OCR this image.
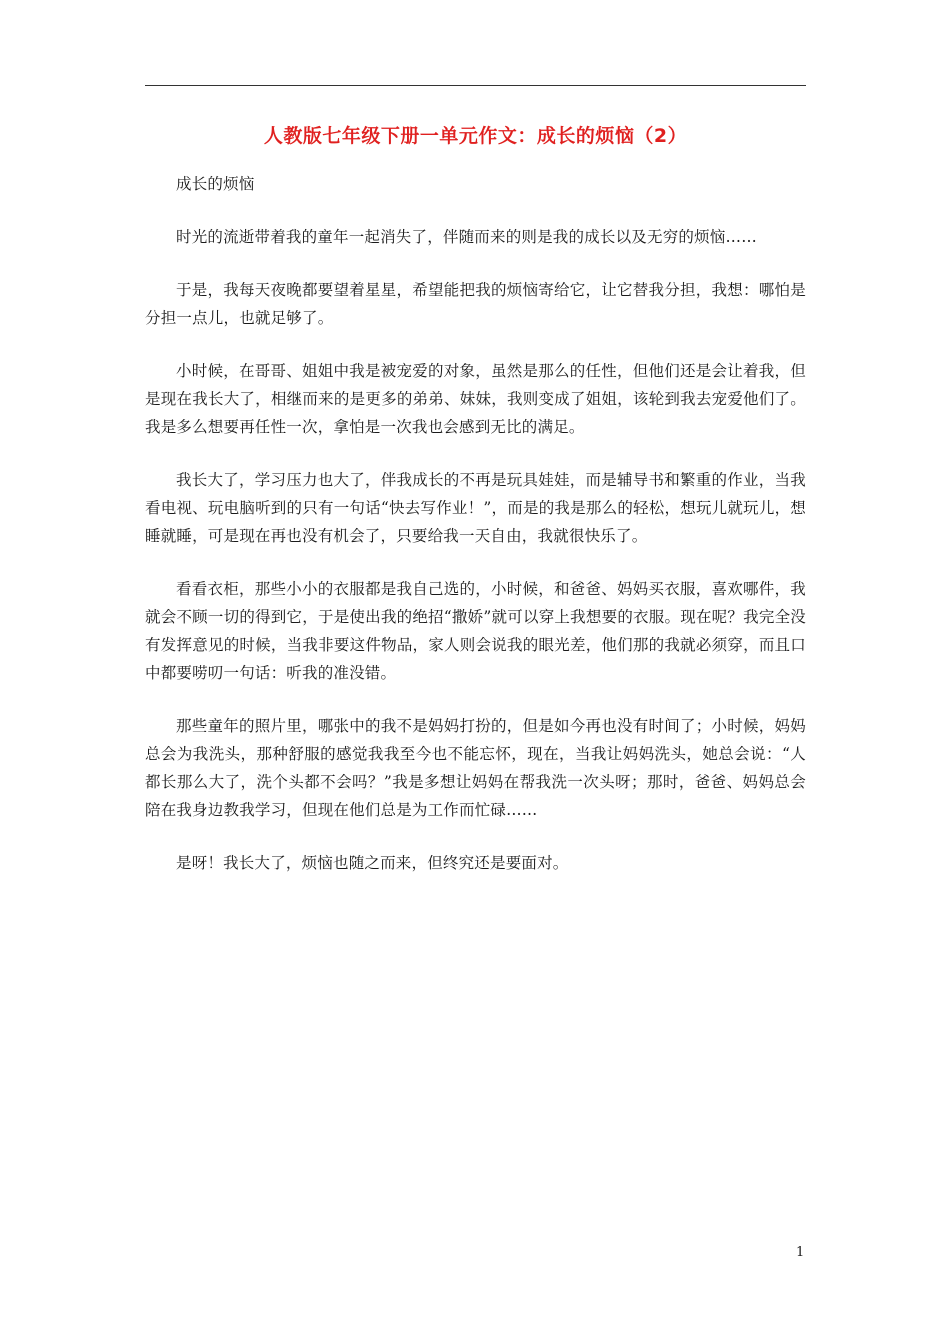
人教版七年级下册一单元作文：成长的烦恼（2）

成长的烦恼

时光的流逝带着我的童年一起消失了，伴随而来的则是我的成长以及无穷的烦恼……

于是，我每天夜晚都要望着星星，希望能把我的烦恼寄给它，让它替我分担，我想：哪怕是分担一点儿，也就足够了。

小时候，在哥哥、姐姐中我是被宠爱的对象，虽然是那么的任性，但他们还是会让着我，但是现在我长大了，相继而来的是更多的弟弟、妹妹，我则变成了姐姐，该轮到我去宠爱他们了。我是多么想要再任性一次，拿怕是一次我也会感到无比的满足。

我长大了，学习压力也大了，伴我成长的不再是玩具娃娃，而是辅导书和繁重的作业，当我看电视、玩电脑听到的只有一句话“快去写作业！”，而是的我是那么的轻松，想玩儿就玩儿，想睡就睡，可是现在再也没有机会了，只要给我一天自由，我就很快乐了。

看看衣柜，那些小小的衣服都是我自己选的，小时候，和爸爸、妈妈买衣服，喜欢哪件，我就会不顾一切的得到它，于是使出我的绝招“撒娇”就可以穿上我想要的衣服。现在呢？我完全没有发挥意见的时候，当我非要这件物品，家人则会说我的眼光差，他们那的我就必须穿，而且口中都要唠叨一句话：听我的准没错。

那些童年的照片里，哪张中的我不是妈妈打扮的，但是如今再也没有时间了；小时候，妈妈总会为我洗头，那种舒服的感觉我我至今也不能忘怀，现在，当我让妈妈洗头，她总会说：“人都长那么大了，洗个头都不会吗？”我是多想让妈妈在帮我洗一次头呀；那时，爸爸、妈妈总会陪在我身边教我学习，但现在他们总是为工作而忙碌……

是呀！我长大了，烦恼也随之而来，但终究还是要面对。

1
